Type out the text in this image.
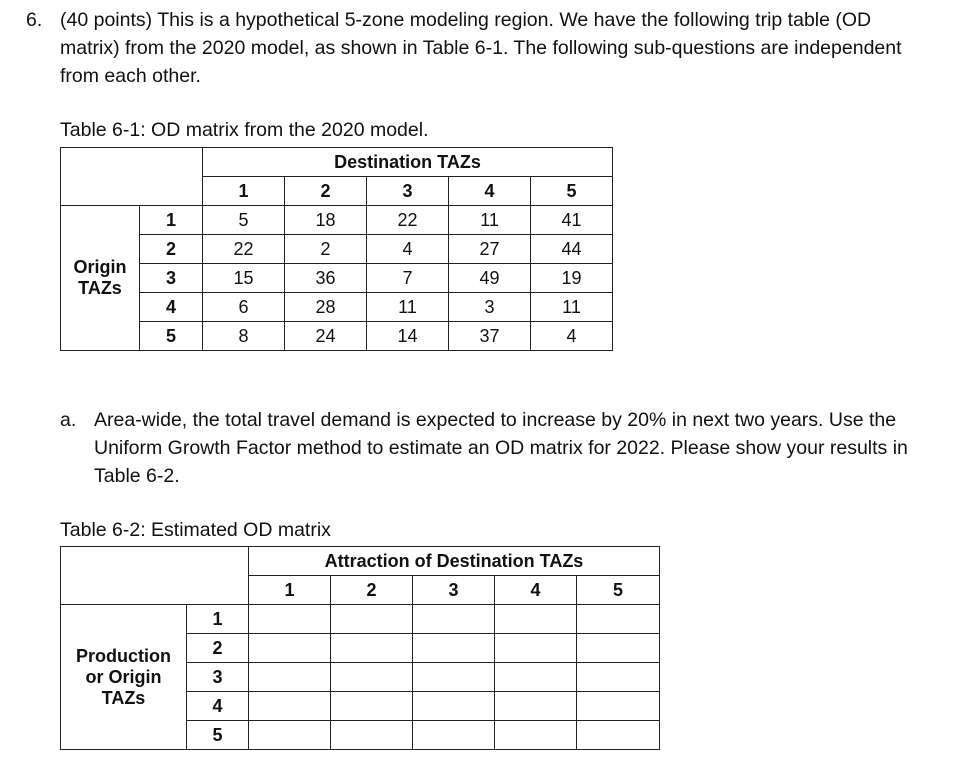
6. (40 points) This is a hypothetical 5-zone modeling region. We have the following trip table (OD matrix) from the 2020 model, as shown in Table 6-1. The following sub-questions are independent from each other.
Table 6-1: OD matrix from the 2020 model.
		Destination TAZs				
		1	2	3	4	5
Origin
TAZs	1	5	18	22	11	41
	2	22	2	4	27	44
	3	15	36	7	49	19
	4	6	28	11	3	11
	5	8	24	14	37	4
a. Area-wide, the total travel demand is expected to increase by 20% in next two years. Use the Uniform Growth Factor method to estimate an OD matrix for 2022. Please show your results in Table 6-2.
Table 6-2: Estimated OD matrix
		Attraction of Destination TAZs				
		1	2	3	4	5
Production
or Origin
TAZs	1					
	2					
	3					
	4					
	5					
